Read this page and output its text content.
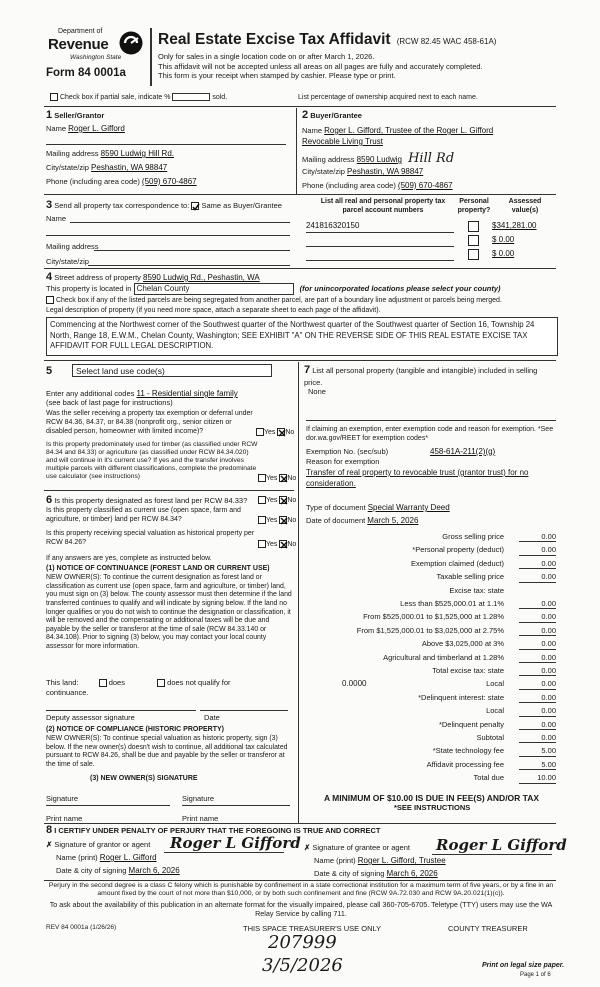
Department of
Revenue
Washington State
Form 84 0001a
Real Estate Excise Tax Affidavit (RCW 82.45 WAC 458-61A)
Only for sales in a single location code on or after March 1, 2026.
This affidavit will not be accepted unless all areas on all pages are fully and accurately completed.
This form is your receipt when stamped by cashier. Please type or print.
Check box if partial sale, indicate %	sold.	List percentage of ownership acquired next to each name.
1 Seller/Grantor
Name Roger L. Gifford
Mailing address 8590 Ludwig Hill Rd.
City/state/zip Peshastin, WA 98847
Phone (including area code) (509) 670-4867
2 Buyer/Grantee
Name Roger L. Gifford, Trustee of the Roger L. Gifford
Revocable Living Trust
Mailing address 8590 Ludwig Hill Rd
City/state/zip Peshastin, WA 98847
Phone (including area code) (509) 670-4867
3 Send all property tax correspondence to: Same as Buyer/Grantee
Name
Mailing address
City/state/zip
List all real and personal property tax
parcel account numbers
Personal
property?
Assessed
value(s)
241816320150	$341,281.00
$ 0.00
$ 0.00
4 Street address of property 8590 Ludwig Rd., Peshastin, WA
This property is located in Chelan County	(for unincorporated locations please select your county)
Check box if any of the listed parcels are being segregated from another parcel, are part of a boundary line adjustment or parcels being merged.
Legal description of property (if you need more space, attach a separate sheet to each page of the affidavit).
Commencing at the Northwest corner of the Southwest quarter of the Northwest quarter of the Southwest quarter of Section 16, Township 24 North, Range 18, E.W.M., Chelan County, Washington; SEE EXHIBIT "A" ON THE REVERSE SIDE OF THIS REAL ESTATE EXCISE TAX AFFIDAVIT FOR FULL LEGAL DESCRIPTION.
5	Select land use code(s)
Enter any additional codes 11 - Residential single family
(see back of last page for instructions)
Was the seller receiving a property tax exemption or deferral under RCW 84.36, 84.37, or 84.38 (nonprofit org., senior citizen or disabled person, homeowner with limited income)?	Yes No
Is this property predominately used for timber (as classified under RCW 84.34 and 84.33) or agriculture (as classified under RCW 84.34.020) and will continue in it's current use? If yes and the transfer involves multiple parcels with different classifications, complete the predominate use calculator (see instructions)	Yes No
6 Is this property designated as forest land per RCW 84.33?	Yes No
Is this property classified as current use (open space, farm and agriculture, or timber) land per RCW 84.34?	Yes No
Is this property receiving special valuation as historical property per RCW 84.26?	Yes No
If any answers are yes, complete as instructed below.
(1) NOTICE OF CONTINUANCE (FOREST LAND OR CURRENT USE)
NEW OWNER(S): To continue the current designation as forest land or classification as current use (open space, farm and agriculture, or timber) land, you must sign on (3) below. The county assessor must then determine if the land transferred continues to qualify and will indicate by signing below. If the land no longer qualifies or you do not wish to continue the designation or classification, it will be removed and the compensating or additional taxes will be due and payable by the seller or transferor at the time of sale (RCW 84.33.140 or 84.34.108). Prior to signing (3) below, you may contact your local county assessor for more information.
This land:	does	does not qualify for
continuance.
Deputy assessor signature	Date
(2) NOTICE OF COMPLIANCE (HISTORIC PROPERTY)
NEW OWNER(S): To continue special valuation as historic property, sign (3) below. If the new owner(s) doesn't wish to continue, all additional tax calculated pursuant to RCW 84.26, shall be due and payable by the seller or transferor at the time of sale.
(3) NEW OWNER(S) SIGNATURE
Signature	Signature
Print name	Print name
7 List all personal property (tangible and intangible) included in selling price.
None
If claiming an exemption, enter exemption code and reason for exemption. *See dor.wa.gov/REET for exemption codes*
Exemption No. (sec/sub)	458-61A-211(2)(g)
Reason for exemption
Transfer of real property to revocable trust (grantor trust) for no consideration.
Type of document Special Warranty Deed
Date of document March 5, 2026
Gross selling price	0.00
*Personal property (deduct)	0.00
Exemption claimed (deduct)	0.00
Taxable selling price	0.00
Excise tax: state
Less than $525,000.01 at 1.1%	0.00
From $525,000.01 to $1,525,000 at 1.28%	0.00
From $1,525,000.01 to $3,025,000 at 2.75%	0.00
Above $3,025,000 at 3%	0.00
Agricultural and timberland at 1.28%	0.00
Total excise tax: state	0.00
Local
0.0000	0.00
*Delinquent interest: state	0.00
Local	0.00
*Delinquent penalty	0.00
Subtotal	0.00
*State technology fee	5.00
Affidavit processing fee	5.00
Total due	10.00
A MINIMUM OF $10.00 IS DUE IN FEE(S) AND/OR TAX
*SEE INSTRUCTIONS
8 I CERTIFY UNDER PENALTY OF PERJURY THAT THE FOREGOING IS TRUE AND CORRECT
✗ Signature of grantor or agent Roger L Gifford
Name (print) Roger L. Gifford
Date & city of signing March 6, 2026
✗ Signature of grantee or agent Roger L Gifford
Name (print) Roger L. Gifford, Trustee
Date & city of signing March 6, 2026
Perjury in the second degree is a class C felony which is punishable by confinement in a state correctional institution for a maximum term of five years, or by a fine in an amount fixed by the court of not more than $10,000, or by both such confinement and fine (RCW 9A.72.030 and RCW 9A.20.021(1)(c)).
To ask about the availability of this publication in an alternate format for the visually impaired, please call 360-705-6705. Teletype (TTY) users may use the WA Relay Service by calling 711.
REV 84 0001a (1/26/26)	THIS SPACE TREASURER'S USE ONLY	COUNTY TREASURER
207999
3/5/2026	Print on legal size paper.
Page 1 of 6
